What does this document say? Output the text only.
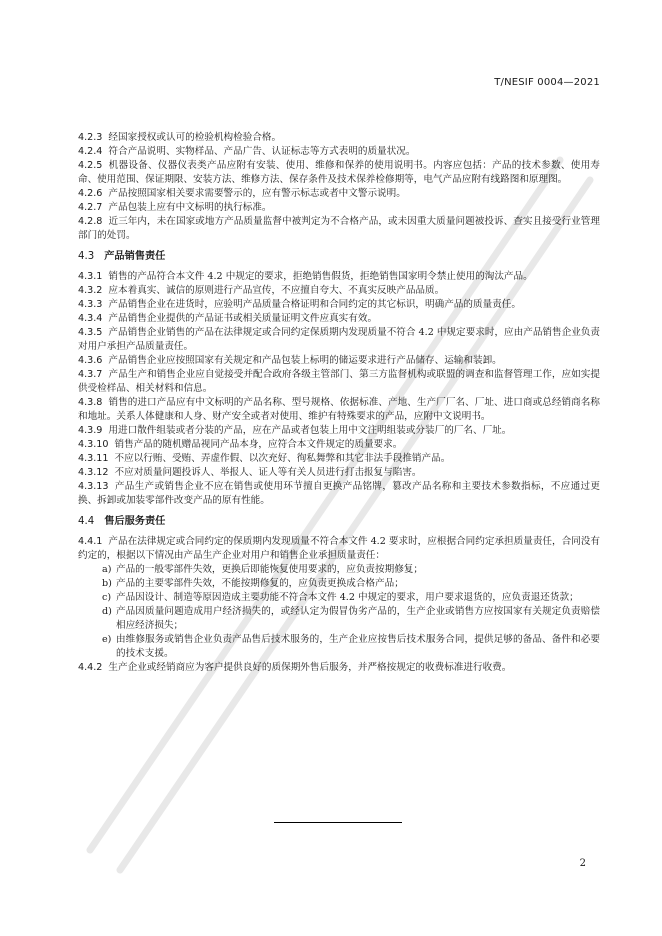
T/NESIF 0004—2021

4.2.3 经国家授权或认可的检验机构检验合格。

4.2.4 符合产品说明、实物样品、产品广告、认证标志等方式表明的质量状况。

4.2.5 机器设备、仪器仪表类产品应附有安装、使用、维修和保养的使用说明书。内容应包括：产品的技术参数、使用寿命、使用范围、保证期限、安装方法、维修方法、保存条件及技术保养检修期等，电气产品应附有线路图和原理图。

4.2.6 产品按照国家相关要求需要警示的，应有警示标志或者中文警示说明。

4.2.7 产品包装上应有中文标明的执行标准。

4.2.8 近三年内，未在国家或地方产品质量监督中被判定为不合格产品，或未因重大质量问题被投诉、查实且接受行业管理部门的处罚。

4.3 产品销售责任

4.3.1 销售的产品符合本文件 4.2 中规定的要求，拒绝销售假货，拒绝销售国家明令禁止使用的淘汰产品。

4.3.2 应本着真实、诚信的原则进行产品宣传，不应擅自夸大、不真实反映产品品质。

4.3.3 产品销售企业在进货时，应验明产品质量合格证明和合同约定的其它标识，明确产品的质量责任。

4.3.4 产品销售企业提供的产品证书或相关质量证明文件应真实有效。

4.3.5 产品销售企业销售的产品在法律规定或合同约定保质期内发现质量不符合 4.2 中规定要求时，应由产品销售企业负责对用户承担产品质量责任。

4.3.6 产品销售企业应按照国家有关规定和产品包装上标明的储运要求进行产品储存、运输和装卸。

4.3.7 产品生产和销售企业应自觉接受并配合政府各级主管部门、第三方监督机构或联盟的调查和监督管理工作，应如实提供受检样品、相关材料和信息。

4.3.8 销售的进口产品应有中文标明的产品名称、型号规格、依据标准、产地、生产厂厂名、厂址、进口商或总经销商名称和地址。关系人体健康和人身、财产安全或者对使用、维护有特殊要求的产品，应附中文说明书。

4.3.9 用进口散件组装或者分装的产品，应在产品或者包装上用中文注明组装或分装厂的厂名、厂址。

4.3.10 销售产品的随机赠品视同产品本身，应符合本文件规定的质量要求。

4.3.11 不应以行贿、受贿、弄虚作假、以次充好、徇私舞弊和其它非法手段推销产品。

4.3.12 不应对质量问题投诉人、举报人、证人等有关人员进行打击报复与陷害。

4.3.13 产品生产或销售企业不应在销售或使用环节擅自更换产品铭牌，篡改产品名称和主要技术参数指标，不应通过更换、拆卸或加装零部件改变产品的原有性能。

4.4 售后服务责任

4.4.1 产品在法律规定或合同约定的保质期内发现质量不符合本文件 4.2 要求时，应根据合同约定承担质量责任，合同没有约定的，根据以下情况由产品生产企业对用户和销售企业承担质量责任：

a) 产品的一般零部件失效，更换后即能恢复使用要求的，应负责按期修复；

b) 产品的主要零部件失效，不能按期修复的，应负责更换成合格产品；

c) 产品因设计、制造等原因造成主要功能不符合本文件 4.2 中规定的要求，用户要求退货的，应负责退还货款；

d) 产品因质量问题造成用户经济损失的，或经认定为假冒伪劣产品的，生产企业或销售方应按国家有关规定负责赔偿相应经济损失；

e) 由维修服务或销售企业负责产品售后技术服务的，生产企业应按售后技术服务合同，提供足够的备品、备件和必要的技术支援。

4.4.2 生产企业或经销商应为客户提供良好的质保期外售后服务，并严格按规定的收费标准进行收费。

2
